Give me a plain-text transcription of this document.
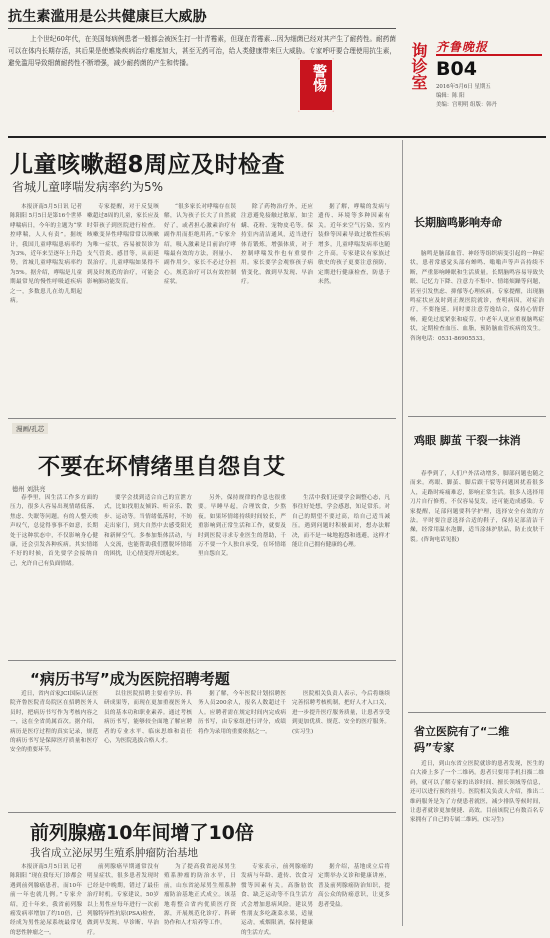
抗生素滥用是公共健康巨大威胁
上个世纪60年代，在美国每病例患者一般都会被医生打一针青霉素，但现在青霉素…因为细菌已经对其产生了耐药性。耐药菌可以在体内长期存活，其后果是使感染疾病治疗难度加大，甚至无药可治，给人类健康带来巨大威胁。专家呼吁要合理使用抗生素，避免滥用导致细菌耐药性不断增强，减少耐药菌的产生和传播。
警惕	询诊室 齐鲁晚报
B04
2016年5月6日 星期五
编辑：陈 阳
美编：宫明明 组版：韩丹
儿童咳嗽超8周应及时检查
省城儿童哮喘发病率约为5%
本报济南5月5日讯 记者 陈阳阳 5月5日是第16个世界哮喘病日，今年的主题为“掌控哮喘，人人有责”。据统计，我国儿童哮喘患病率约为3%，近年来呈逐年上升趋势，省城儿童哮喘发病率约为5%。据介绍，哮喘是儿童期最常见的慢性呼吸道疾病之一，多数患儿在幼儿期起病。
专家提醒，对于反复咳嗽超过8周的儿童，家长应及时带孩子到医院进行检查。咳嗽变异性哮喘常常以咳嗽为唯一症状，容易被误诊为支气管炎、感冒等，从而延误治疗。儿童哮喘如果得不到及时规范的治疗，可能会影响肺功能发育。
“很多家长对哮喘存在误解，认为孩子长大了自然就好了，或者担心激素治疗有副作用而拒绝用药。”专家介绍，吸入激素是目前治疗哮喘最有效的方法，剂量小、副作用少，家长不必过分担心。规范治疗可以有效控制症状。
除了药物治疗外，还应注意避免接触过敏原，如尘螨、花粉、宠物皮毛等。保持室内清洁通风，适当进行体育锻炼，增强体质，对于控制哮喘发作也有重要作用。家长要学会观察孩子病情变化，做到早发现、早治疗。
据了解，哮喘的发病与遗传、环境等多种因素有关。近年来空气污染、室内装修等因素导致过敏性疾病增多，儿童哮喘发病率也随之升高。专家建议有家族过敏史的孩子更要注意预防，定期进行健康检查，防患于未然。
漫画/孔芯
不要在坏情绪里自怨自艾
德州 刘洪亮
春季里，因生活工作多方面的压力，很多人容易出现情绪低落、焦虑、失眠等问题。有的人整天唉声叹气，总觉得事事不如意，长期处于这种状态中，不仅影响身心健康，还会引发各种疾病。其实情绪不好的时候，首先要学会接纳自己，允许自己有负面情绪。
要学会找到适合自己的宣泄方式，比如找朋友倾诉、听音乐、散步、运动等。当情绪低落时，不妨走出家门，到大自然中去感受阳光和新鲜空气。多参加集体活动，与人交流，也能帮助我们摆脱坏情绪的困扰，让心情变得开朗起来。
另外，保持规律的作息也很重要。早睡早起，合理饮食，少熬夜。如果坏情绪持续时间较长，严重影响到正常生活和工作，就要及时到医院寻求专业医生的帮助，千万不要一个人独自承受，在坏情绪里自怨自艾。
生活中我们还要学会调整心态，凡事往好处想，学会感恩，知足常乐。对自己的期望不要过高，给自己适当减压。遇到问题时积极面对，想办法解决，而不是一味地抱怨和逃避，这样才能让自己拥有健康的心理。
“病历书写”成为医院招聘考题
近日，省内首家JCI国际认证医院齐鲁医院青岛院区在招聘医务人员时，把病历书写作为考核内容之一，这在全省尚属首次。据介绍，病历是医疗过程的真实记录，规范的病历书写是保障医疗质量和医疗安全的重要环节。
以往医院招聘主要看学历、科研成果等，而现在更加重视医务人员的基本功和职业素养。通过考核病历书写，能够较全面地了解应聘者的专业水平、临床思维和责任心，为医院选拔合格人才。
据了解，今年医院计划招聘医务人员200余人，报名人数超过千人。应聘者需在规定时间内完成病历书写，由专家组进行评分，成绩将作为录用的重要依据之一。
医院相关负责人表示，今后将继续完善招聘考核机制，把好人才入口关，进一步提升医疗服务质量，让患者享受到更加优质、规范、安全的医疗服务。(实习生)
前列腺癌10年间增了10倍
我省成立泌尿男生殖系肿瘤防治基地
本报济南5月5日讯 记者 陈阳阳 “现在我每天门诊都会遇到前列腺癌患者，而10年前一年也就几例。”专家介绍，近十年来，我省前列腺癌发病率增加了约10倍，已经成为男性泌尿系统最常见的恶性肿瘤之一。
前列腺癌早期通常没有明显症状，很多患者发现时已经是中晚期，错过了最佳治疗时机。专家建议，50岁以上男性应每年进行一次前列腺特异性抗原(PSA)检查，做到早发现、早诊断、早治疗。
为了提高我省泌尿男生殖系肿瘤的防治水平，日前，山东省泌尿男生殖系肿瘤防治基地正式成立。该基地将整合省内优质医疗资源，开展规范化诊疗、科研协作和人才培养等工作。
专家表示，前列腺癌的发病与年龄、遗传、饮食习惯等因素有关。高脂肪饮食、缺乏运动等不良生活方式会增加患病风险。建议男性朋友多吃蔬菜水果，适量运动，戒烟限酒，保持健康的生活方式。
据介绍，基地成立后将定期举办义诊和健康讲座，普及前列腺癌防治知识，提高公众的防癌意识，让更多患者受益。
长期脑鸣影响寿命
脑鸣是脑部血管、神经等组织病变引起的一种症状，患者常感觉头部有蝉鸣、嗡嗡声等声音持续不断，严重影响睡眠和生活质量。长期脑鸣容易导致失眠、记忆力下降、注意力不集中、情绪烦躁等问题，甚至引发焦虑、抑郁等心理疾病。专家提醒，出现脑鸣症状应及时到正规医院就诊，查明病因，对症治疗，不要拖延。同时要注意劳逸结合，保持心情舒畅，避免过度紧张和疲劳。中老年人更应重视脑鸣症状，定期检查血压、血脂，预防脑血管疾病的发生。咨询电话：0531-86905533。
鸡眼 脚茧 干裂一抹消
春季到了，人们户外活动增多，脚部问题也随之而来。鸡眼、脚茧、脚后跟干裂等问题困扰着很多人，走路时疼痛难忍，影响正常生活。很多人选择用刀片自行修剪，不仅容易复发，还可能造成感染。专家提醒，足部问题要科学护理，选择安全有效的方法。平时要注意选择合适的鞋子，保持足部清洁干燥，经常用温水泡脚，适当涂抹护肤品，防止皮肤干裂。(咨询电话见报)
省立医院有了“二维码”专家
近日，到山东省立医院就诊的患者发现，医生的白大褂上多了一个二维码。患者只要用手机扫描二维码，就可以了解专家的出诊时间、擅长领域等信息，还可以进行预约挂号。医院相关负责人介绍，推出二维码服务是为了方便患者就医，减少排队等候时间，让患者就诊更加便捷、高效。目前该院已有数百名专家拥有了自己的专属二维码。(实习生)
